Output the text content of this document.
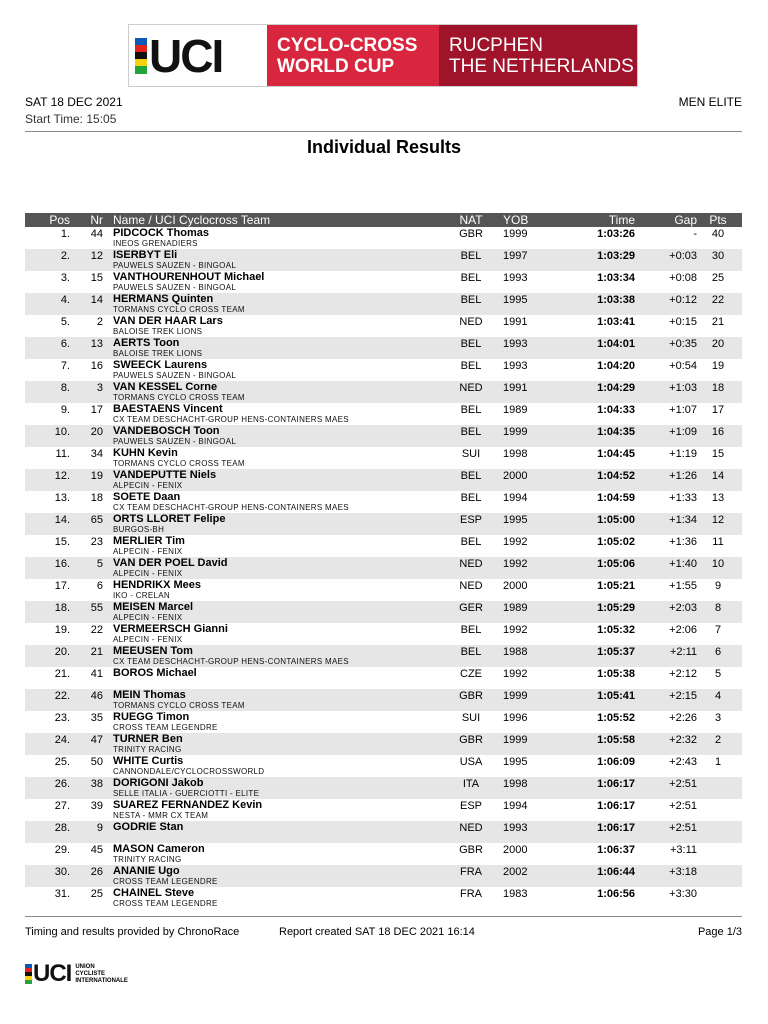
UCI	CYCLO-CROSS
WORLD CUP
RUCPHEN
THE NETHERLANDS
SAT 18 DEC 2021
Start Time: 15:05
MEN ELITE
Individual Results
Pos	Nr Name / UCI Cyclocross Team	NAT YOB	Time	Gap Pts
1.	44 PIDCOCK Thomas
INEOS GRENADIERS
GBR 1999	1:03:26	-	40
2.	12 ISERBYT Eli
PAUWELS SAUZEN - BINGOAL
BEL	1997	1:03:29	+0:03	30
3.	15 VANTHOURENHOUT Michael
PAUWELS SAUZEN - BINGOAL
BEL	1993	1:03:34	+0:08	25
4.	14 HERMANS Quinten
TORMANS CYCLO CROSS TEAM
BEL	1995	1:03:38	+0:12	22
5.	2 VAN DER HAAR Lars
BALOISE TREK LIONS
NED 1991	1:03:41	+0:15	21
6.	13 AERTS Toon
BALOISE TREK LIONS
BEL	1993	1:04:01	+0:35	20
7.	16 SWEECK Laurens
PAUWELS SAUZEN - BINGOAL
BEL	1993	1:04:20	+0:54	19
8.	3 VAN KESSEL Corne
TORMANS CYCLO CROSS TEAM
NED 1991	1:04:29	+1:03	18
9.	17 BAESTAENS Vincent
CX TEAM DESCHACHT-GROUP HENS-CONTAINERS MAES
BEL	1989	1:04:33	+1:07	17
10.	20 VANDEBOSCH Toon
PAUWELS SAUZEN - BINGOAL
BEL	1999	1:04:35	+1:09	16
11.	34 KUHN Kevin
TORMANS CYCLO CROSS TEAM
SUI	1998	1:04:45	+1:19	15
12.	19 VANDEPUTTE Niels
ALPECIN - FENIX
BEL	2000	1:04:52	+1:26	14
13.	18 SOETE Daan
CX TEAM DESCHACHT-GROUP HENS-CONTAINERS MAES
BEL	1994	1:04:59	+1:33	13
14.	65 ORTS LLORET Felipe
BURGOS-BH
ESP 1995	1:05:00	+1:34	12
15.	23 MERLIER Tim
ALPECIN - FENIX
BEL	1992	1:05:02	+1:36	11
16.	5 VAN DER POEL David
ALPECIN - FENIX
NED 1992	1:05:06	+1:40	10
17.	6 HENDRIKX Mees
IKO - CRELAN
NED 2000	1:05:21	+1:55	9
18.	55 MEISEN Marcel
ALPECIN - FENIX
GER 1989	1:05:29	+2:03	8
19.	22 VERMEERSCH Gianni
ALPECIN - FENIX
BEL	1992	1:05:32	+2:06	7
20.	21 MEEUSEN Tom
CX TEAM DESCHACHT-GROUP HENS-CONTAINERS MAES
BEL	1988	1:05:37	+2:11	6
21.	41 BOROS Michael	CZE 1992	1:05:38	+2:12	5
22.	46 MEIN Thomas
TORMANS CYCLO CROSS TEAM
GBR 1999	1:05:41	+2:15	4
23.	35 RUEGG Timon
CROSS TEAM LEGENDRE
SUI	1996	1:05:52	+2:26	3
24.	47 TURNER Ben
TRINITY RACING
GBR 1999	1:05:58	+2:32	2
25.	50 WHITE Curtis
CANNONDALE/CYCLOCROSSWORLD
USA 1995	1:06:09	+2:43	1
26.	38 DORIGONI Jakob
SELLE ITALIA - GUERCIOTTI - ELITE
ITA	1998	1:06:17	+2:51
27.	39 SUAREZ FERNANDEZ Kevin
NESTA - MMR CX TEAM
ESP 1994	1:06:17	+2:51
28.	9 GODRIE Stan	NED 1993	1:06:17	+2:51
29.	45 MASON Cameron
TRINITY RACING
GBR 2000	1:06:37	+3:11
30.	26 ANANIE Ugo
CROSS TEAM LEGENDRE
FRA 2002	1:06:44	+3:18
31.	25 CHAINEL Steve
CROSS TEAM LEGENDRE
FRA 1983	1:06:56	+3:30
Timing and results provided by ChronoRace	Report created SAT 18 DEC 2021 16:14	Page 1/3
UCI UNION
CYCLISTE
INTERNATIONALE
